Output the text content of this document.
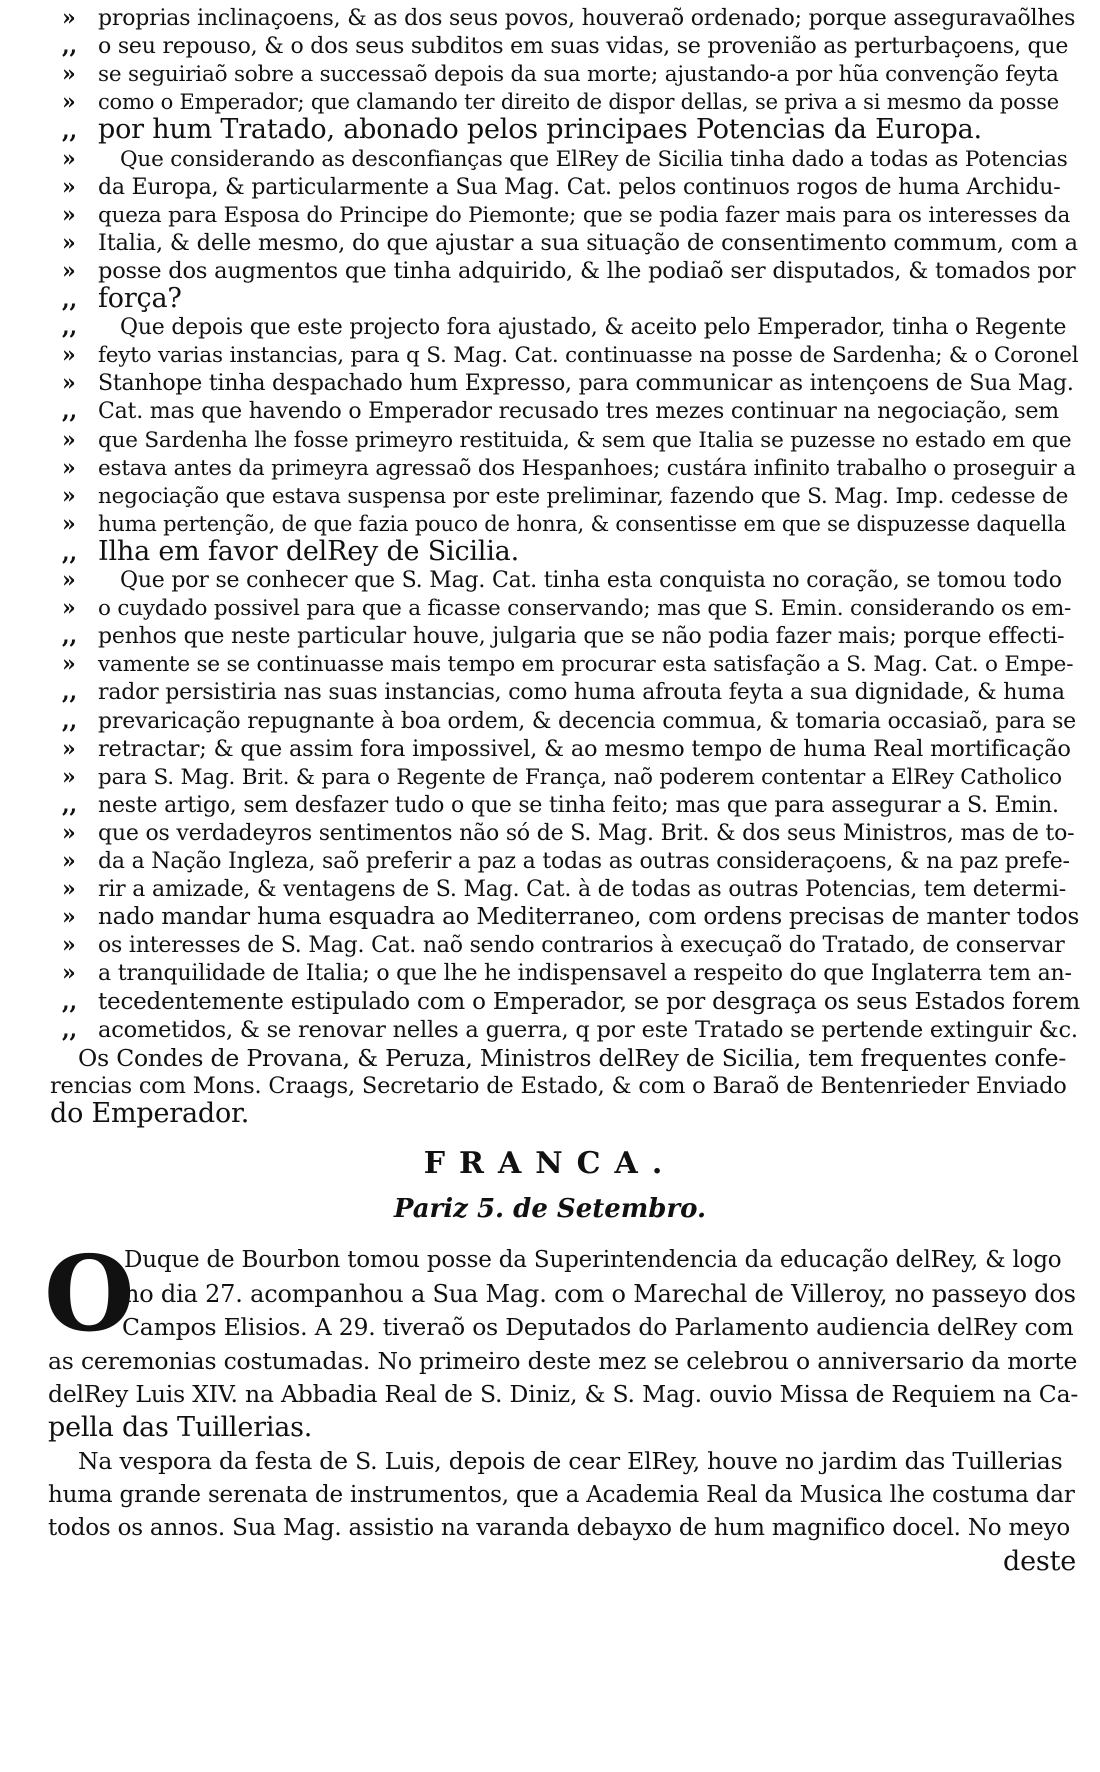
» proprias inclinaçoens, & as dos seus povos, houveraõ ordenado; porque asseguravaõlhes
,, o seu repouso, & o dos seus subditos em suas vidas, se provenião as perturbaçoens, que
» se seguiriaõ sobre a successaõ depois da sua morte; ajustando-a por hũa convenção feyta
» como o Emperador; que clamando ter direito de dispor dellas, se priva a si mesmo da posse
,, por hum Tratado, abonado pelos principaes Potencias da Europa.
» Que considerando as desconfianças que ElRey de Sicilia tinha dado a todas as Potencias
» da Europa, & particularmente a Sua Mag. Cat. pelos continuos rogos de huma Archidu-
» queza para Esposa do Principe do Piemonte; que se podia fazer mais para os interesses da
» Italia, & delle mesmo, do que ajustar a sua situação de consentimento commum, com a
» posse dos augmentos que tinha adquirido, & lhe podiaõ ser disputados, & tomados por
,, força?
,, Que depois que este projecto fora ajustado, & aceito pelo Emperador, tinha o Regente
» feyto varias instancias, para q S. Mag. Cat. continuasse na posse de Sardenha; & o Coronel
» Stanhope tinha despachado hum Expresso, para communicar as intençoens de Sua Mag.
,, Cat. mas que havendo o Emperador recusado tres mezes continuar na negociação, sem
» que Sardenha lhe fosse primeyro restituida, & sem que Italia se puzesse no estado em que
» estava antes da primeyra agressaõ dos Hespanhoes; custára infinito trabalho o proseguir a
» negociação que estava suspensa por este preliminar, fazendo que S. Mag. Imp. cedesse de
» huma pertenção, de que fazia pouco de honra, & consentisse em que se dispuzesse daquella
,, Ilha em favor delRey de Sicilia.
» Que por se conhecer que S. Mag. Cat. tinha esta conquista no coração, se tomou todo
» o cuydado possivel para que a ficasse conservando; mas que S. Emin. considerando os em-
,, penhos que neste particular houve, julgaria que se não podia fazer mais; porque effecti-
» vamente se se continuasse mais tempo em procurar esta satisfação a S. Mag. Cat. o Empe-
,, rador persistiria nas suas instancias, como huma afrouta feyta a sua dignidade, & huma
,, prevaricação repugnante à boa ordem, & decencia commua, & tomaria occasiaõ, para se
» retractar; & que assim fora impossivel, & ao mesmo tempo de huma Real mortificação
» para S. Mag. Brit. & para o Regente de França, naõ poderem contentar a ElRey Catholico
,, neste artigo, sem desfazer tudo o que se tinha feito; mas que para assegurar a S. Emin.
» que os verdadeyros sentimentos não só de S. Mag. Brit. & dos seus Ministros, mas de to-
» da a Nação Ingleza, saõ preferir a paz a todas as outras consideraçoens, & na paz prefe-
» rir a amizade, & ventagens de S. Mag. Cat. à de todas as outras Potencias, tem determi-
» nado mandar huma esquadra ao Mediterraneo, com ordens precisas de manter todos
» os interesses de S. Mag. Cat. naõ sendo contrarios à execuçaõ do Tratado, de conservar
» a tranquilidade de Italia; o que lhe he indispensavel a respeito do que Inglaterra tem an-
,, tecedentemente estipulado com o Emperador, se por desgraça os seus Estados forem
,, acometidos, & se renovar nelles a guerra, q por este Tratado se pertende extinguir &c.
Os Condes de Provana, & Peruza, Ministros delRey de Sicilia, tem frequentes confe-
rencias com Mons. Craags, Secretario de Estado, & com o Baraõ de Bentenrieder Enviado
do Emperador.
FRANCA.
Pariz 5. de Setembro.
O
Duque de Bourbon tomou posse da Superintendencia da educação delRey, & logo
no dia 27. acompanhou a Sua Mag. com o Marechal de Villeroy, no passeyo dos
Campos Elisios. A 29. tiveraõ os Deputados do Parlamento audiencia delRey com
as ceremonias costumadas. No primeiro deste mez se celebrou o anniversario da morte
delRey Luis XIV. na Abbadia Real de S. Diniz, & S. Mag. ouvio Missa de Requiem na Ca-
pella das Tuillerias.
Na vespora da festa de S. Luis, depois de cear ElRey, houve no jardim das Tuillerias
huma grande serenata de instrumentos, que a Academia Real da Musica lhe costuma dar
todos os annos. Sua Mag. assistio na varanda debayxo de hum magnifico docel. No meyo
deste
